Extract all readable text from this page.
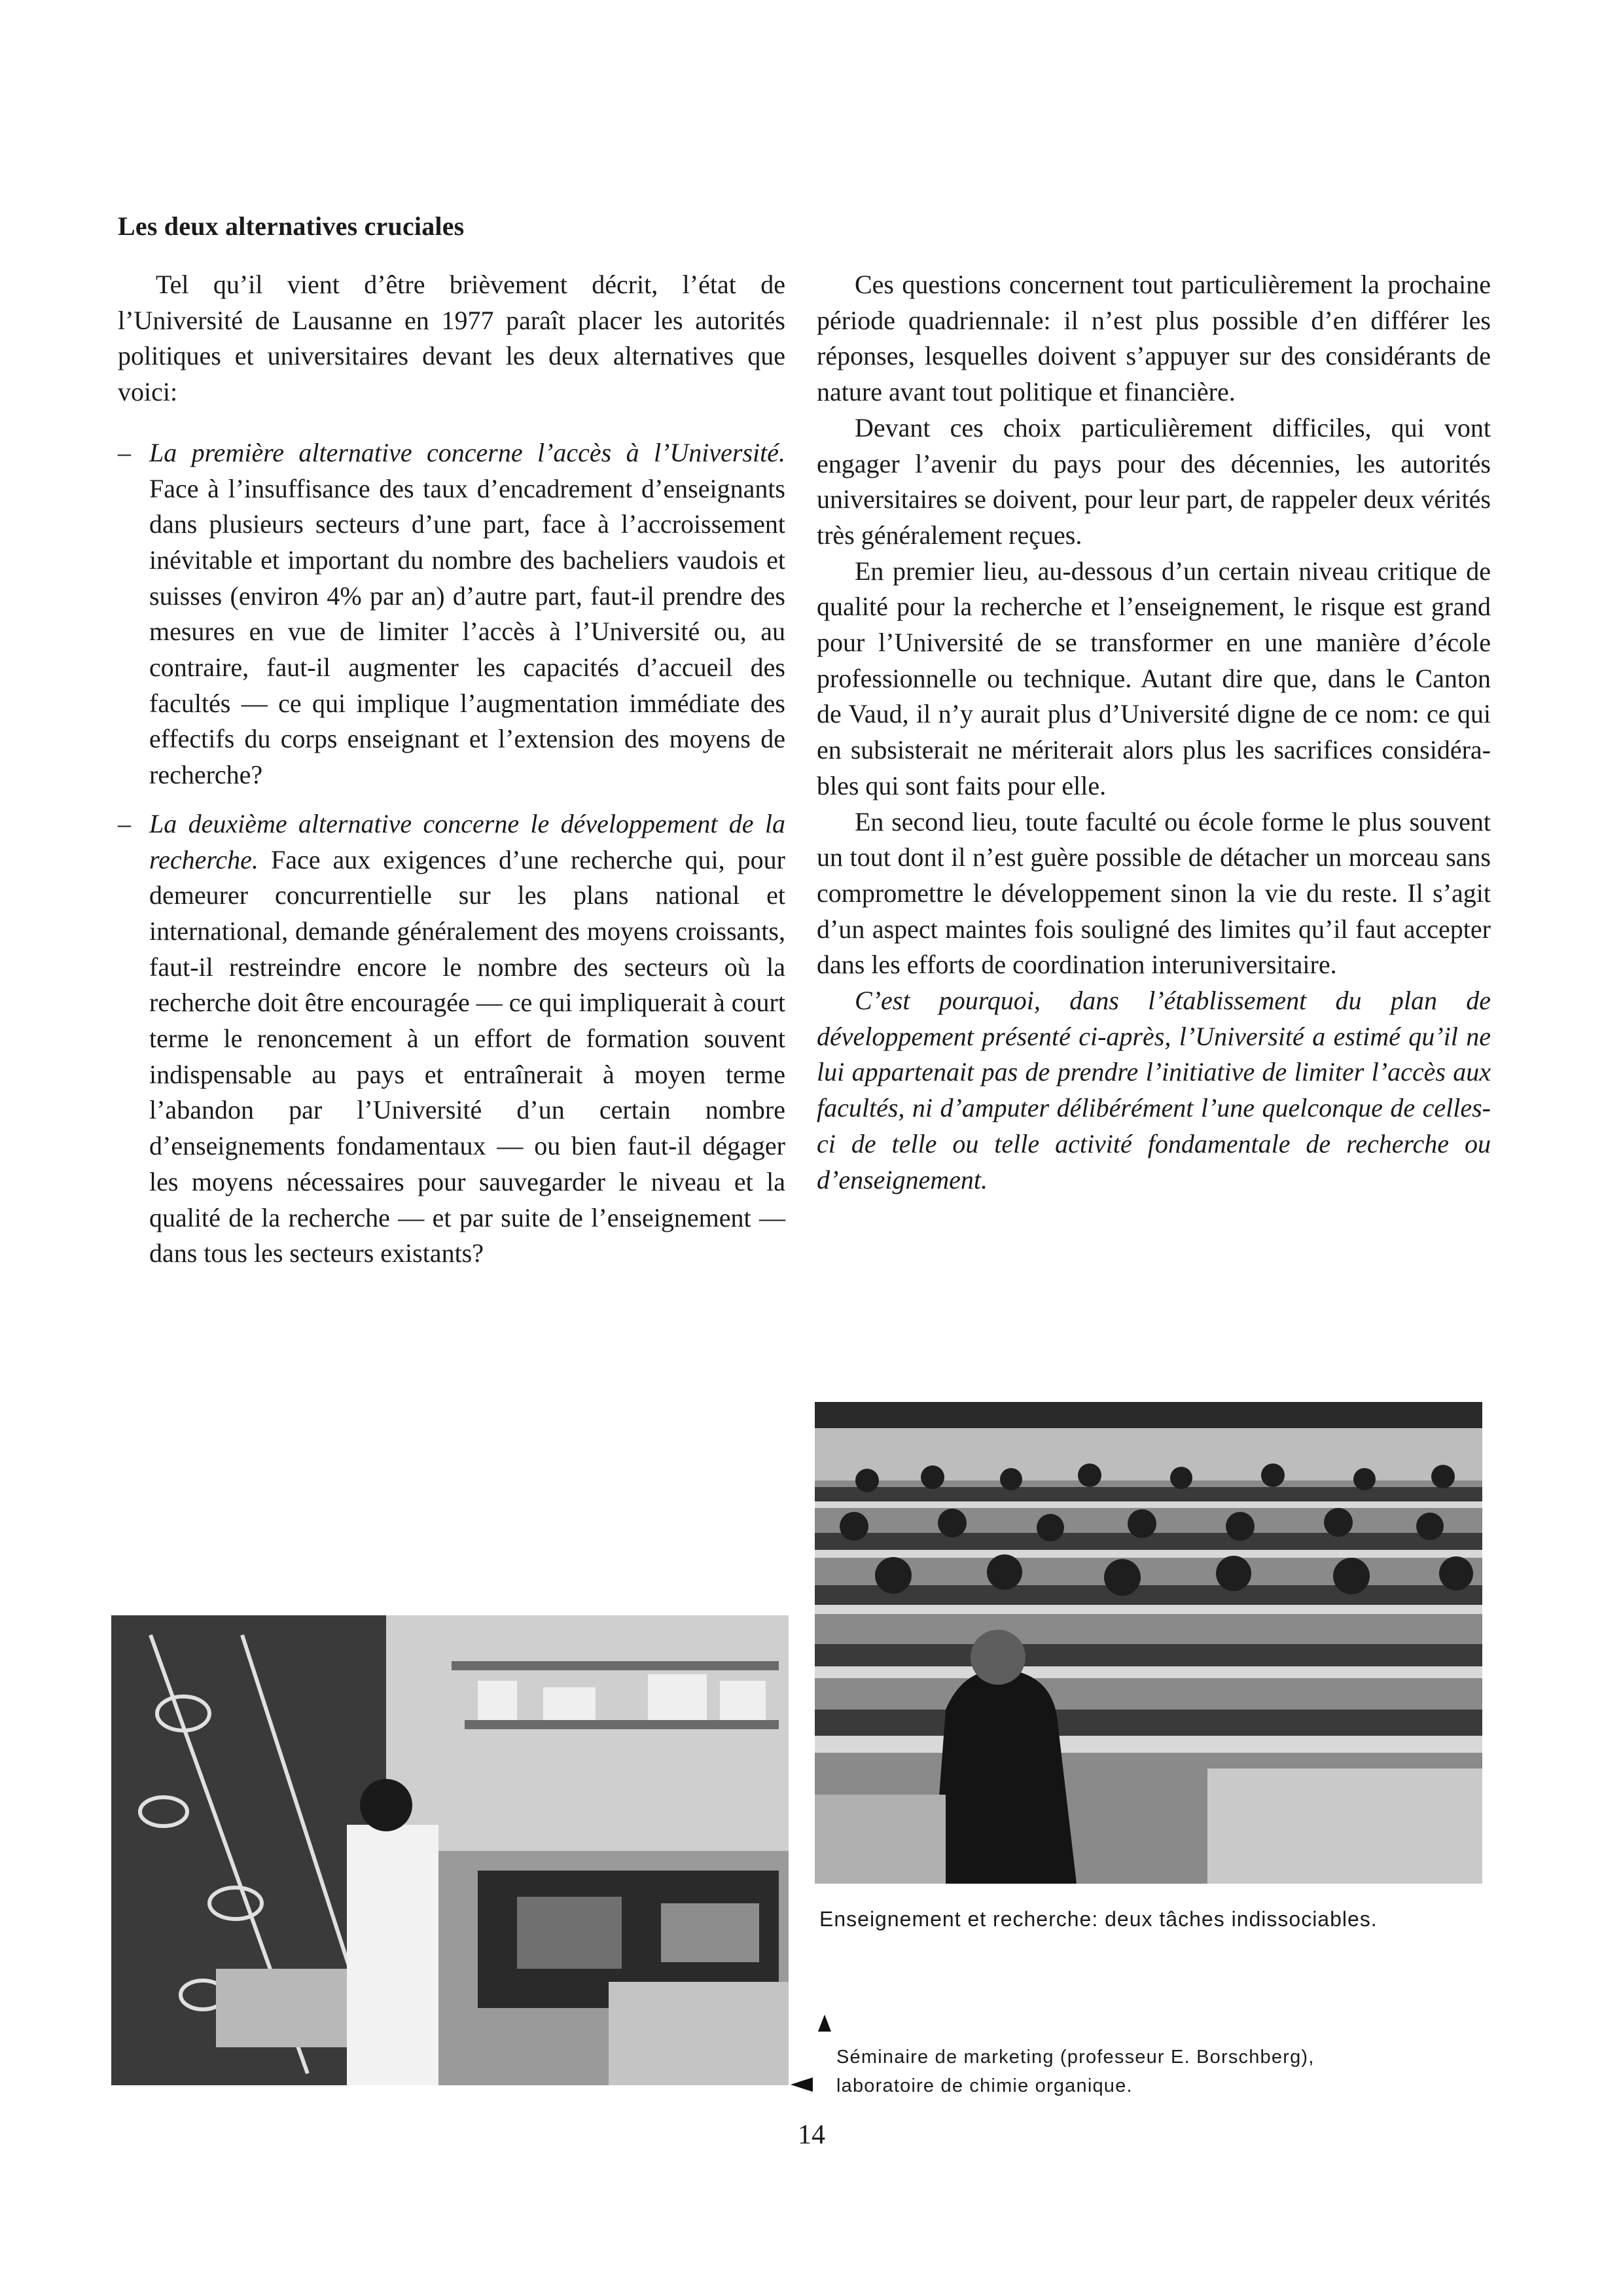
Les deux alternatives cruciales

Tel qu’il vient d’être brièvement décrit, l’état de l’Université de Lausanne en 1977 paraît placer les autorités politiques et universitaires devant les deux alternatives que voici:

– La première alternative concerne l’accès à l’Université. Face à l’insuffisance des taux d’encadrement d’enseignants dans plusieurs secteurs d’une part, face à l’accroissement inévitable et important du nombre des bacheliers vaudois et suisses (environ 4% par an) d’autre part, faut-il prendre des mesures en vue de limiter l’accès à l’Université ou, au contraire, faut-il augmenter les capacités d’accueil des facultés — ce qui implique l’augmentation immédiate des effectifs du corps enseignant et l’extension des moyens de recherche?
– La deuxième alternative concerne le développement de la recherche. Face aux exigences d’une recherche qui, pour demeurer concurrentielle sur les plans national et international, demande généralement des moyens croissants, faut-il restreindre encore le nombre des secteurs où la recherche doit être encouragée — ce qui impliquerait à court terme le renoncement à un effort de formation souvent indispensable au pays et entraînerait à moyen terme l’abandon par l’Université d’un certain nombre d’enseignements fondamentaux — ou bien faut-il dégager les moyens nécessaires pour sauvegarder le niveau et la qualité de la recherche — et par suite de l’enseignement — dans tous les secteurs existants?

Ces questions concernent tout particulièrement la prochaine période quadriennale: il n’est plus possible d’en différer les réponses, lesquelles doivent s’appuyer sur des considérants de nature avant tout politique et financière.

Devant ces choix particulièrement difficiles, qui vont engager l’avenir du pays pour des décennies, les autorités universitaires se doivent, pour leur part, de rappeler deux vérités très généralement reçues.

En premier lieu, au-dessous d’un certain niveau critique de qualité pour la recherche et l’enseignement, le risque est grand pour l’Université de se transformer en une manière d’école professionnelle ou technique. Autant dire que, dans le Canton de Vaud, il n’y aurait plus d’Université digne de ce nom: ce qui en subsisterait ne mériterait alors plus les sacrifices considérables qui sont faits pour elle.

En second lieu, toute faculté ou école forme le plus souvent un tout dont il n’est guère possible de détacher un morceau sans compromettre le développement sinon la vie du reste. Il s’agit d’un aspect maintes fois souligné des limites qu’il faut accepter dans les efforts de coordination interuniversitaire.

C’est pourquoi, dans l’établissement du plan de développement présenté ci-après, l’Université a estimé qu’il ne lui appartenait pas de prendre l’initiative de limiter l’accès aux facultés, ni d’amputer délibérément l’une quelconque de celles-ci de telle ou telle activité fondamentale de recherche ou d’enseignement.

Enseignement et recherche: deux tâches indissociables.
Séminaire de marketing (professeur E. Borschberg),
laboratoire de chimie organique.
14
